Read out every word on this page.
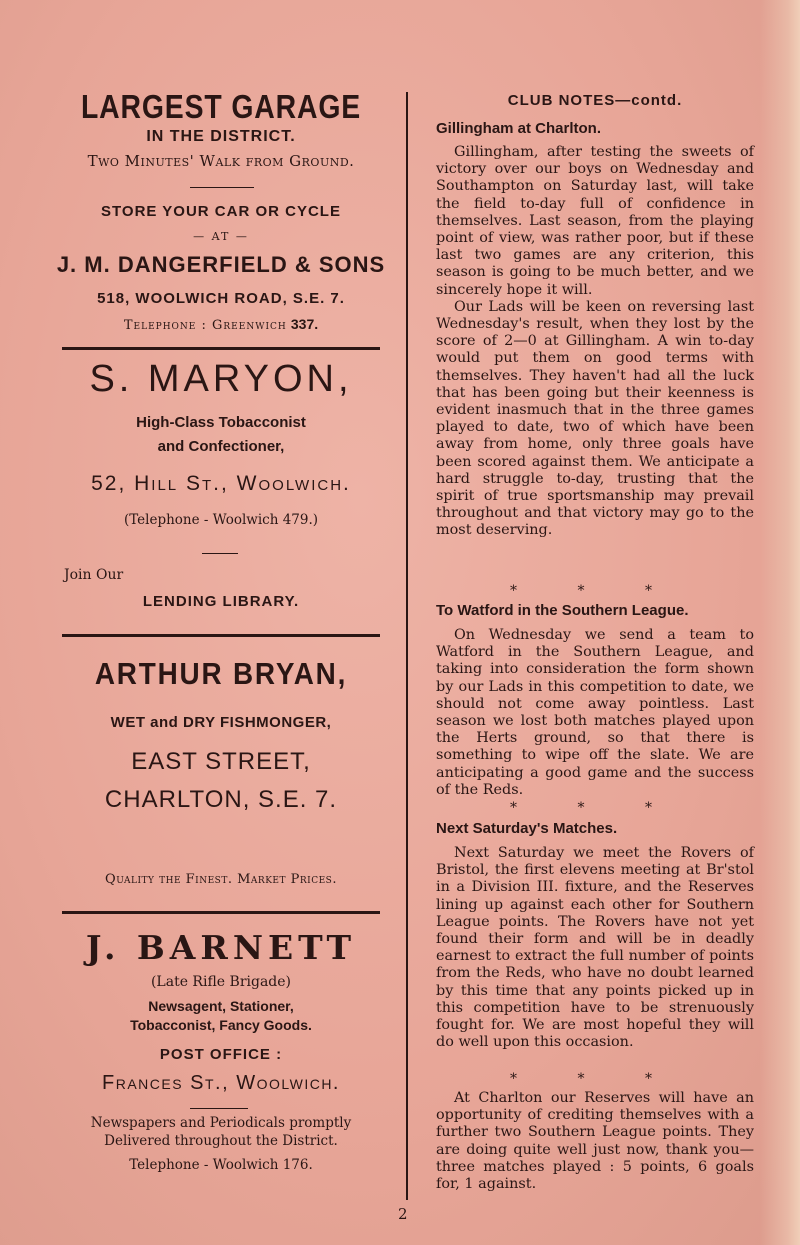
LARGEST GARAGE
IN THE DISTRICT.
Two Minutes' Walk from Ground.
STORE YOUR CAR OR CYCLE
— AT —
J. M. DANGERFIELD & SONS
518, WOOLWICH ROAD, S.E. 7.
Telephone : Greenwich 337.
S. MARYON,
High-Class Tobacconist
and Confectioner,
52, Hill St., Woolwich.
(Telephone - Woolwich 479.)
Join Our
LENDING LIBRARY.
ARTHUR BRYAN,
WET and DRY FISHMONGER,
EAST STREET,
CHARLTON, S.E. 7.
Quality the Finest. Market Prices.
J. BARNETT
(Late Rifle Brigade)
Newsagent, Stationer,
Tobacconist, Fancy Goods.
POST OFFICE :
Frances St., Woolwich.
Newspapers and Periodicals promptly
Delivered throughout the District.
Telephone - Woolwich 176.
CLUB NOTES—contd.
Gillingham at Charlton.

Gillingham, after testing the sweets of victory over our boys on Wednesday and Southampton on Saturday last, will take the field to-day full of confidence in themselves. Last season, from the playing point of view, was rather poor, but if these last two games are any criterion, this season is going to be much better, and we sincerely hope it will.

Our Lads will be keen on reversing last Wednesday's result, when they lost by the score of 2—0 at Gillingham. A win to-day would put them on good terms with themselves. They haven't had all the luck that has been going but their keenness is evident inasmuch that in the three games played to date, two of which have been away from home, only three goals have been scored against them. We anticipate a hard struggle to-day, trusting that the spirit of true sportsmanship may prevail throughout and that victory may go to the most deserving.

* * *
To Watford in the Southern League.

On Wednesday we send a team to Watford in the Southern League, and taking into consideration the form shown by our Lads in this competition to date, we should not come away pointless. Last season we lost both matches played upon the Herts ground, so that there is something to wipe off the slate. We are anticipating a good game and the success of the Reds.

* * *
Next Saturday's Matches.

Next Saturday we meet the Rovers of Bristol, the first elevens meeting at Br'stol in a Division III. fixture, and the Reserves lining up against each other for Southern League points. The Rovers have not yet found their form and will be in deadly earnest to extract the full number of points from the Reds, who have no doubt learned by this time that any points picked up in this competition have to be strenuously fought for. We are most hopeful they will do well upon this occasion.

* * *

At Charlton our Reserves will have an opportunity of crediting themselves with a further two Southern League points. They are doing quite well just now, thank you—three matches played : 5 points, 6 goals for, 1 against.

2
